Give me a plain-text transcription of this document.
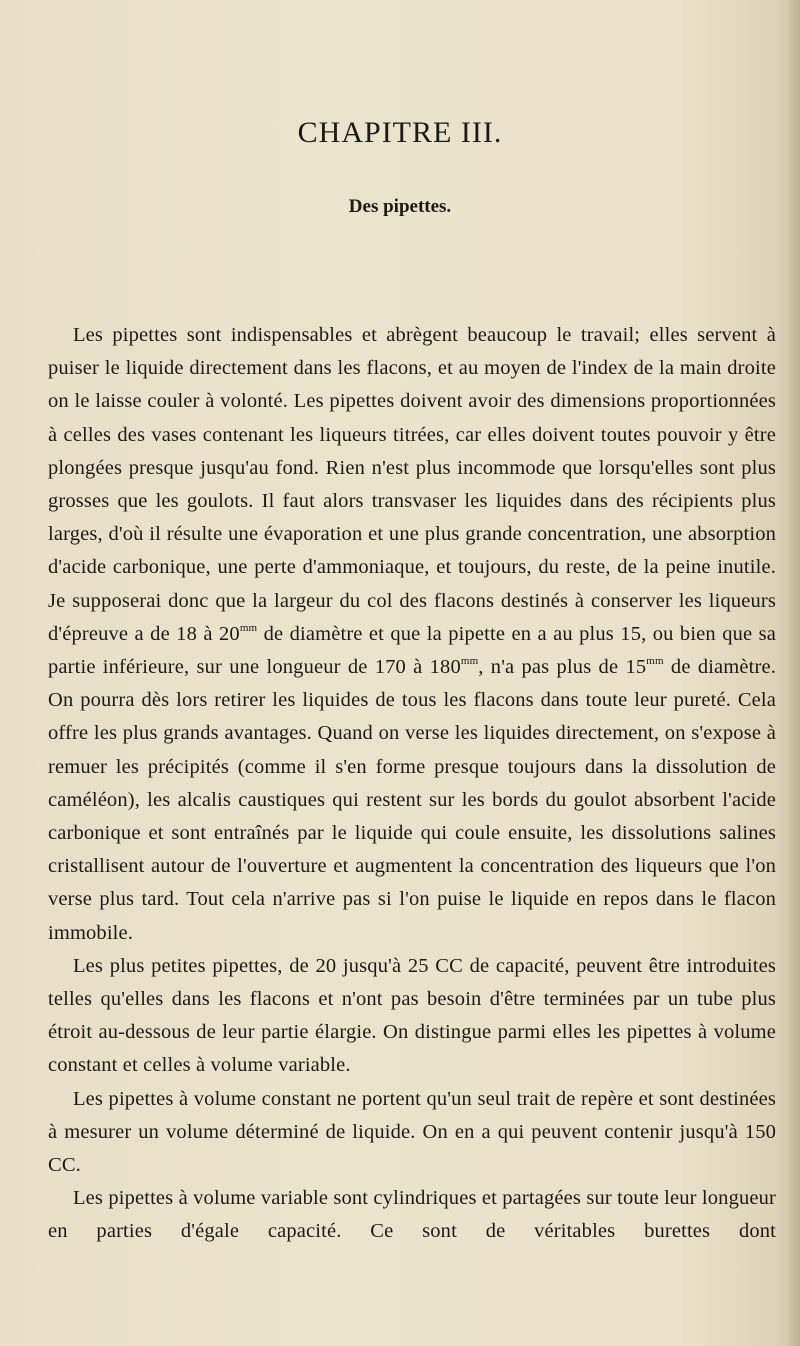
CHAPITRE III.
Des pipettes.

Les pipettes sont indispensables et abrègent beaucoup le travail; elles servent à puiser le liquide directement dans les flacons, et au moyen de l'index de la main droite on le laisse couler à volonté. Les pipettes doivent avoir des dimensions proportionnées à celles des vases contenant les liqueurs titrées, car elles doivent toutes pouvoir y être plongées presque jusqu'au fond. Rien n'est plus incommode que lorsqu'elles sont plus grosses que les goulots. Il faut alors transvaser les liquides dans des récipients plus larges, d'où il résulte une évaporation et une plus grande concentration, une absorption d'acide carbonique, une perte d'ammoniaque, et toujours, du reste, de la peine inutile. Je supposerai donc que la largeur du col des flacons destinés à conserver les liqueurs d'épreuve a de 18 à $20^{mm}$ de diamètre et que la pipette en a au plus 15, ou bien que sa partie inférieure, sur une longueur de 170 à $180^{mm}$, n'a pas plus de $15^{mm}$ de diamètre. On pourra dès lors retirer les liquides de tous les flacons dans toute leur pureté. Cela offre les plus grands avantages. Quand on verse les liquides directement, on s'expose à remuer les précipités (comme il s'en forme presque toujours dans la dissolution de caméléon), les alcalis caustiques qui restent sur les bords du goulot absorbent l'acide carbonique et sont entraînés par le liquide qui coule ensuite, les dissolutions salines cristallisent autour de l'ouverture et augmentent la concentration des liqueurs que l'on verse plus tard. Tout cela n'arrive pas si l'on puise le liquide en repos dans le flacon immobile.

Les plus petites pipettes, de 20 jusqu'à 25 CC de capacité, peuvent être introduites telles qu'elles dans les flacons et n'ont pas besoin d'être terminées par un tube plus étroit au-dessous de leur partie élargie. On distingue parmi elles les pipettes à volume constant et celles à volume variable.

Les pipettes à volume constant ne portent qu'un seul trait de repère et sont destinées à mesurer un volume déterminé de liquide. On en a qui peuvent contenir jusqu'à 150 CC.

Les pipettes à volume variable sont cylindriques et partagées sur toute leur longueur en parties d'égale capacité. Ce sont de véritables burettes dont
